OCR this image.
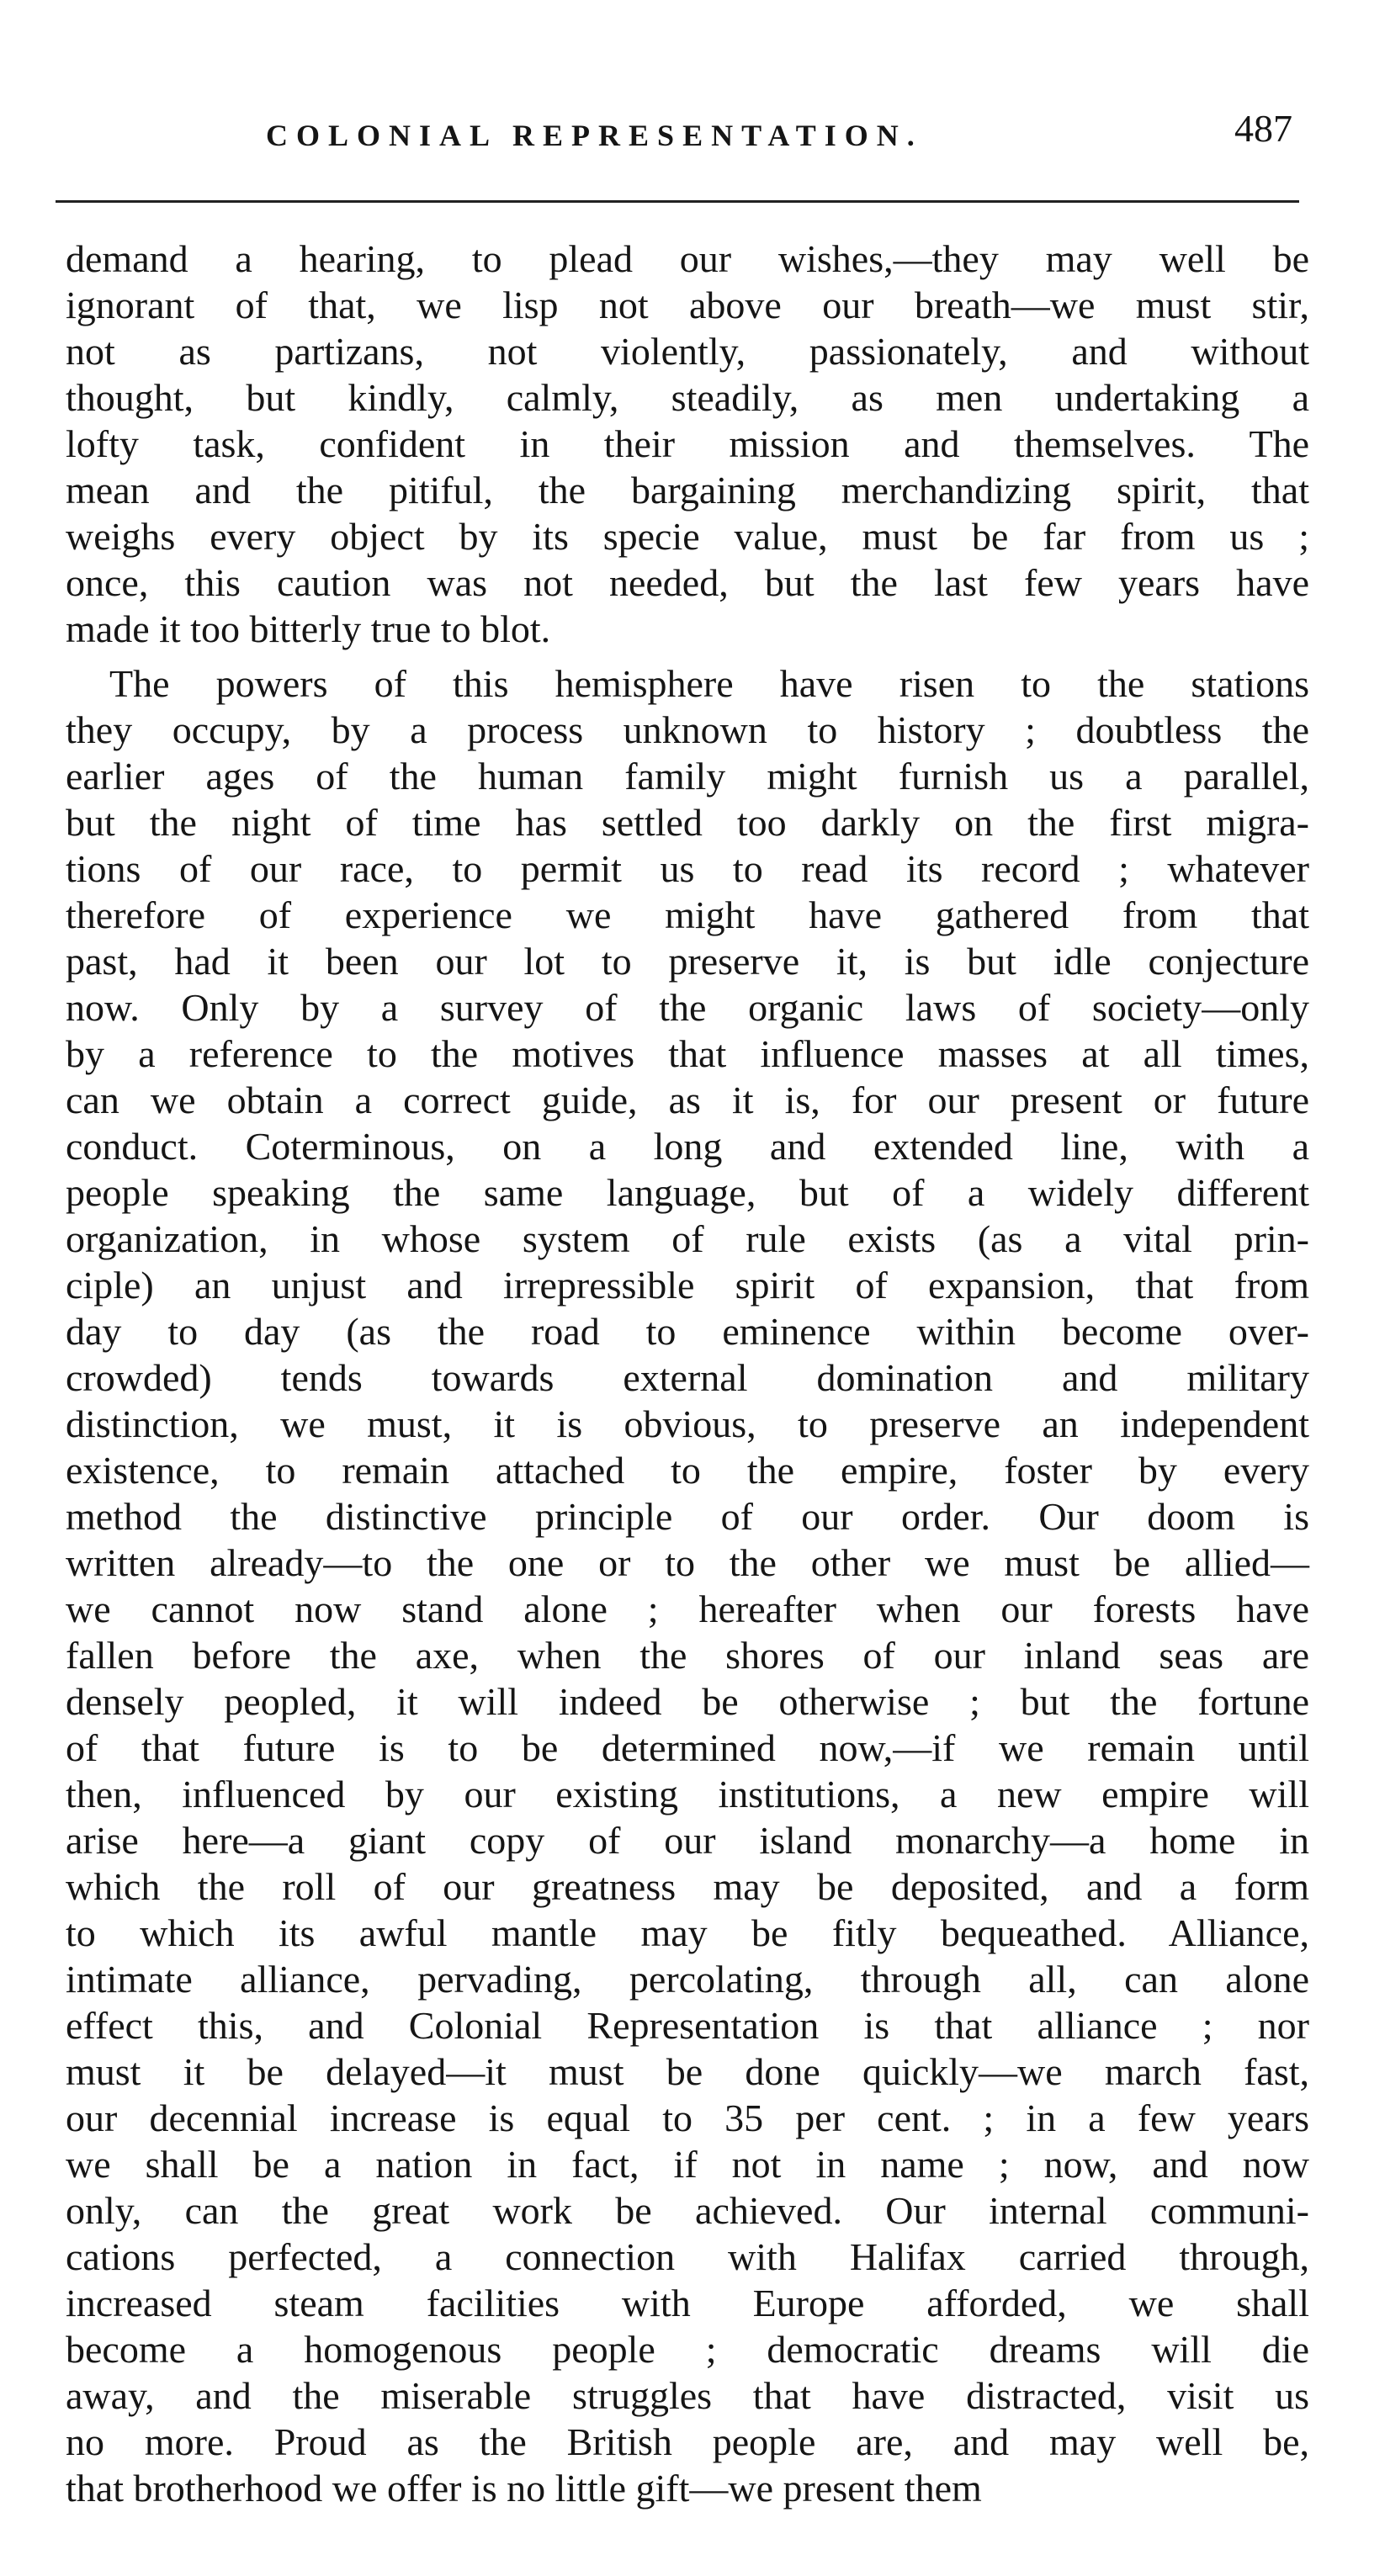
COLONIAL REPRESENTATION.	487
demand a hearing, to plead our wishes,—they may well be
ignorant of that, we lisp not above our breath—we must stir,
not as partizans, not violently, passionately, and without
thought, but kindly, calmly, steadily, as men undertaking a
lofty task, confident in their mission and themselves. The
mean and the pitiful, the bargaining merchandizing spirit, that
weighs every object by its specie value, must be far from us ;
once, this caution was not needed, but the last few years have
made it too bitterly true to blot.
The powers of this hemisphere have risen to the stations
they occupy, by a process unknown to history ; doubtless the
earlier ages of the human family might furnish us a parallel,
but the night of time has settled too darkly on the first migra-
tions of our race, to permit us to read its record ; whatever
therefore of experience we might have gathered from that
past, had it been our lot to preserve it, is but idle conjecture
now. Only by a survey of the organic laws of society—only
by a reference to the motives that influence masses at all times,
can we obtain a correct guide, as it is, for our present or future
conduct. Coterminous, on a long and extended line, with a
people speaking the same language, but of a widely different
organization, in whose system of rule exists (as a vital prin-
ciple) an unjust and irrepressible spirit of expansion, that from
day to day (as the road to eminence within become over-
crowded) tends towards external domination and military
distinction, we must, it is obvious, to preserve an independent
existence, to remain attached to the empire, foster by every
method the distinctive principle of our order. Our doom is
written already—to the one or to the other we must be allied—
we cannot now stand alone ; hereafter when our forests have
fallen before the axe, when the shores of our inland seas are
densely peopled, it will indeed be otherwise ; but the fortune
of that future is to be determined now,—if we remain until
then, influenced by our existing institutions, a new empire will
arise here—a giant copy of our island monarchy—a home in
which the roll of our greatness may be deposited, and a form
to which its awful mantle may be fitly bequeathed. Alliance,
intimate alliance, pervading, percolating, through all, can alone
effect this, and Colonial Representation is that alliance ; nor
must it be delayed—it must be done quickly—we march fast,
our decennial increase is equal to 35 per cent. ; in a few years
we shall be a nation in fact, if not in name ; now, and now
only, can the great work be achieved. Our internal communi-
cations perfected, a connection with Halifax carried through,
increased steam facilities with Europe afforded, we shall
become a homogenous people ; democratic dreams will die
away, and the miserable struggles that have distracted, visit us
no more. Proud as the British people are, and may well be,
that brotherhood we offer is no little gift—we present them
